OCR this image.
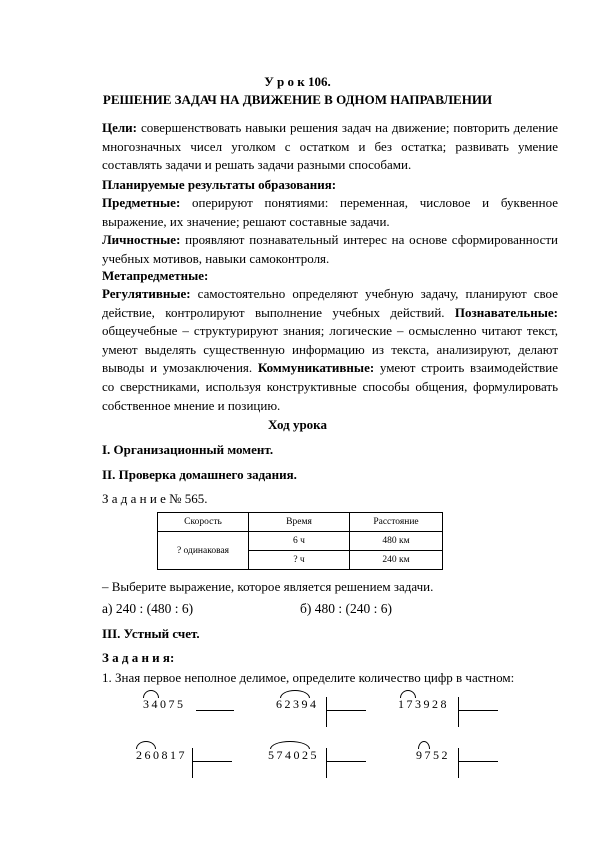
У р о к 106.
РЕШЕНИЕ ЗАДАЧ НА ДВИЖЕНИЕ В ОДНОМ НАПРАВЛЕНИИ
Цели: совершенствовать навыки решения задач на движение; повторить деление многозначных чисел уголком с остатком и без остатка; развивать умение составлять задачи и решать задачи разными способами.
Планируемые результаты образования:
Предметные: оперируют понятиями: переменная, числовое и буквенное выражение, их значение; решают составные задачи.
Личностные: проявляют познавательный интерес на основе сформированности учебных мотивов, навыки самоконтроля.
Метапредметные:
Регулятивные: самостоятельно определяют учебную задачу, планируют свое действие, контролируют выполнение учебных действий. Познавательные: общеучебные – структурируют знания; логические – осмысленно читают текст, умеют выделять существенную информацию из текста, анализируют, делают выводы и умозаключения. Коммуникативные: умеют строить взаимодействие со сверстниками, используя конструктивные способы общения, формулировать собственное мнение и позицию.
Ход урока
I. Организационный момент.
II. Проверка домашнего задания.
З а д а н и е № 565.
Скорость	Время	Расстояние
? одинаковая	6 ч	480 км
	? ч	240 км
– Выберите выражение, которое является решением задачи.
а) 240 : (480 : 6)	б) 480 : (240 : 6)
III. Устный счет.
З а д а н и я:
1. Зная первое неполное делимое, определите количество цифр в частном:
34075	62394	173928
260817	574025	9752
